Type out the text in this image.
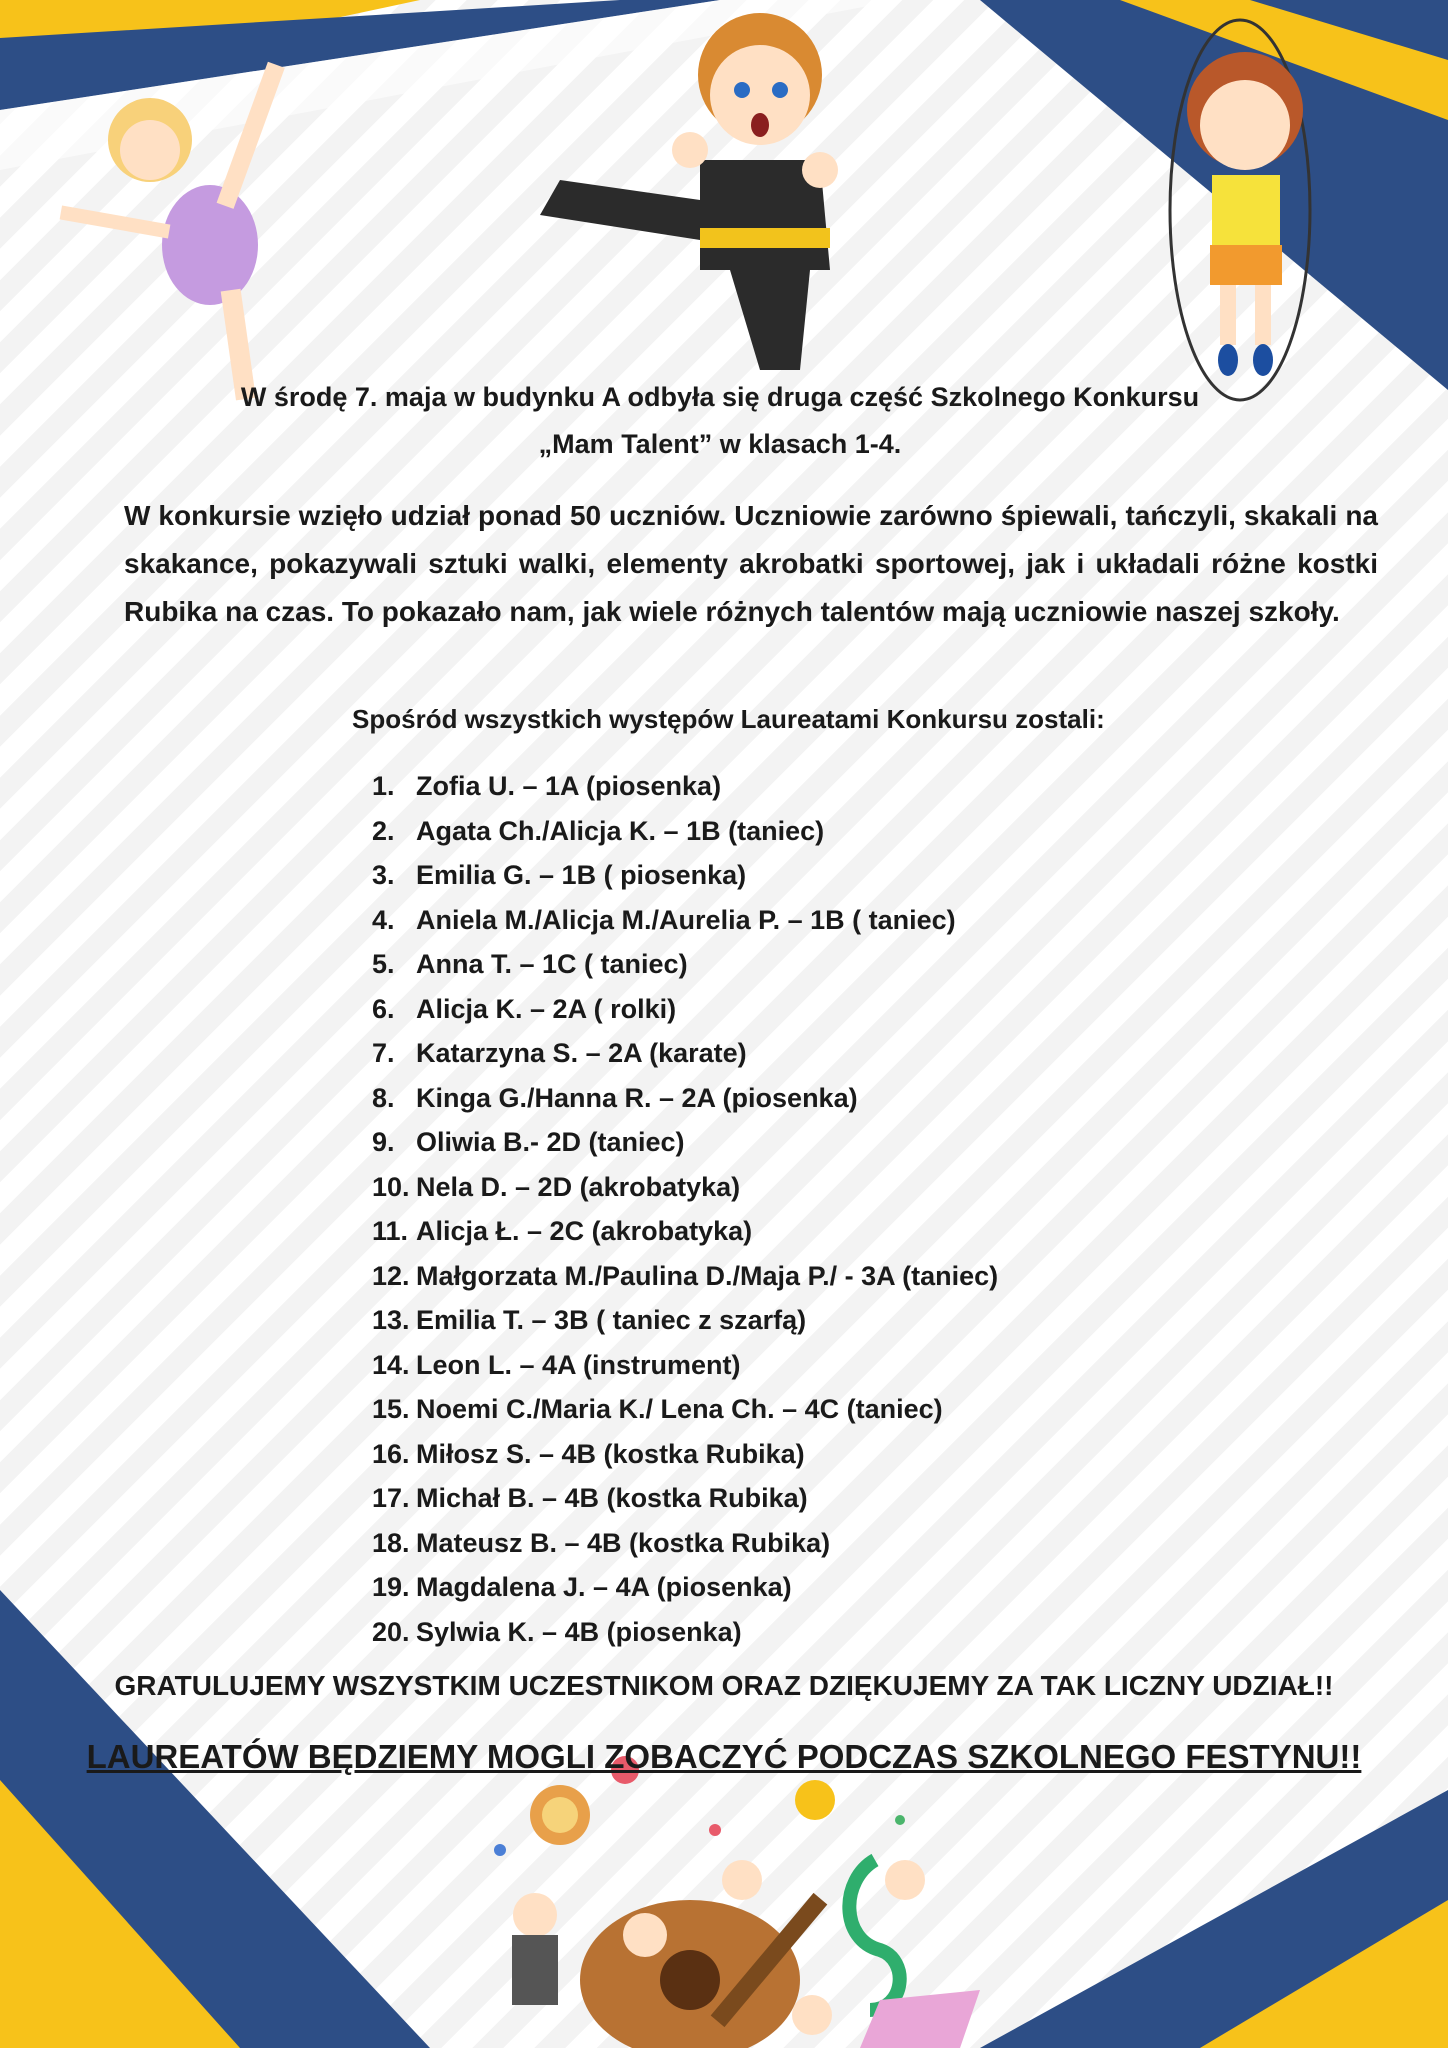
W środę 7. maja w budynku A odbyła się druga część Szkolnego Konkursu
„Mam Talent” w klasach 1-4.

W konkursie wzięło udział ponad 50 uczniów. Uczniowie zarówno śpiewali, tańczyli, skakali na skakance, pokazywali sztuki walki, elementy akrobatki sportowej, jak i układali różne kostki Rubika na czas. To pokazało nam, jak wiele różnych talentów mają uczniowie naszej szkoły.

Spośród wszystkich występów Laureatami Konkursu zostali:
1. Zofia U. – 1A (piosenka)
2. Agata Ch./Alicja K. – 1B (taniec)
3. Emilia G. – 1B ( piosenka)
4. Aniela M./Alicja M./Aurelia P. – 1B ( taniec)
5. Anna T. – 1C ( taniec)
6. Alicja K. – 2A ( rolki)
7. Katarzyna S. – 2A (karate)
8. Kinga G./Hanna R. – 2A (piosenka)
9. Oliwia B.- 2D (taniec)
10. Nela D. – 2D (akrobatyka)
11. Alicja Ł. – 2C (akrobatyka)
12. Małgorzata M./Paulina D./Maja P./ - 3A (taniec)
13. Emilia T. – 3B ( taniec z szarfą)
14. Leon L. – 4A (instrument)
15. Noemi C./Maria K./ Lena Ch. – 4C (taniec)
16. Miłosz S. – 4B (kostka Rubika)
17. Michał B. – 4B (kostka Rubika)
18. Mateusz B. – 4B (kostka Rubika)
19. Magdalena J. – 4A (piosenka)
20. Sylwia K. – 4B (piosenka)
GRATULUJEMY WSZYSTKIM UCZESTNIKOM ORAZ DZIĘKUJEMY ZA TAK LICZNY UDZIAŁ!!
LAUREATÓW BĘDZIEMY MOGLI ZOBACZYĆ PODCZAS SZKOLNEGO FESTYNU!!
